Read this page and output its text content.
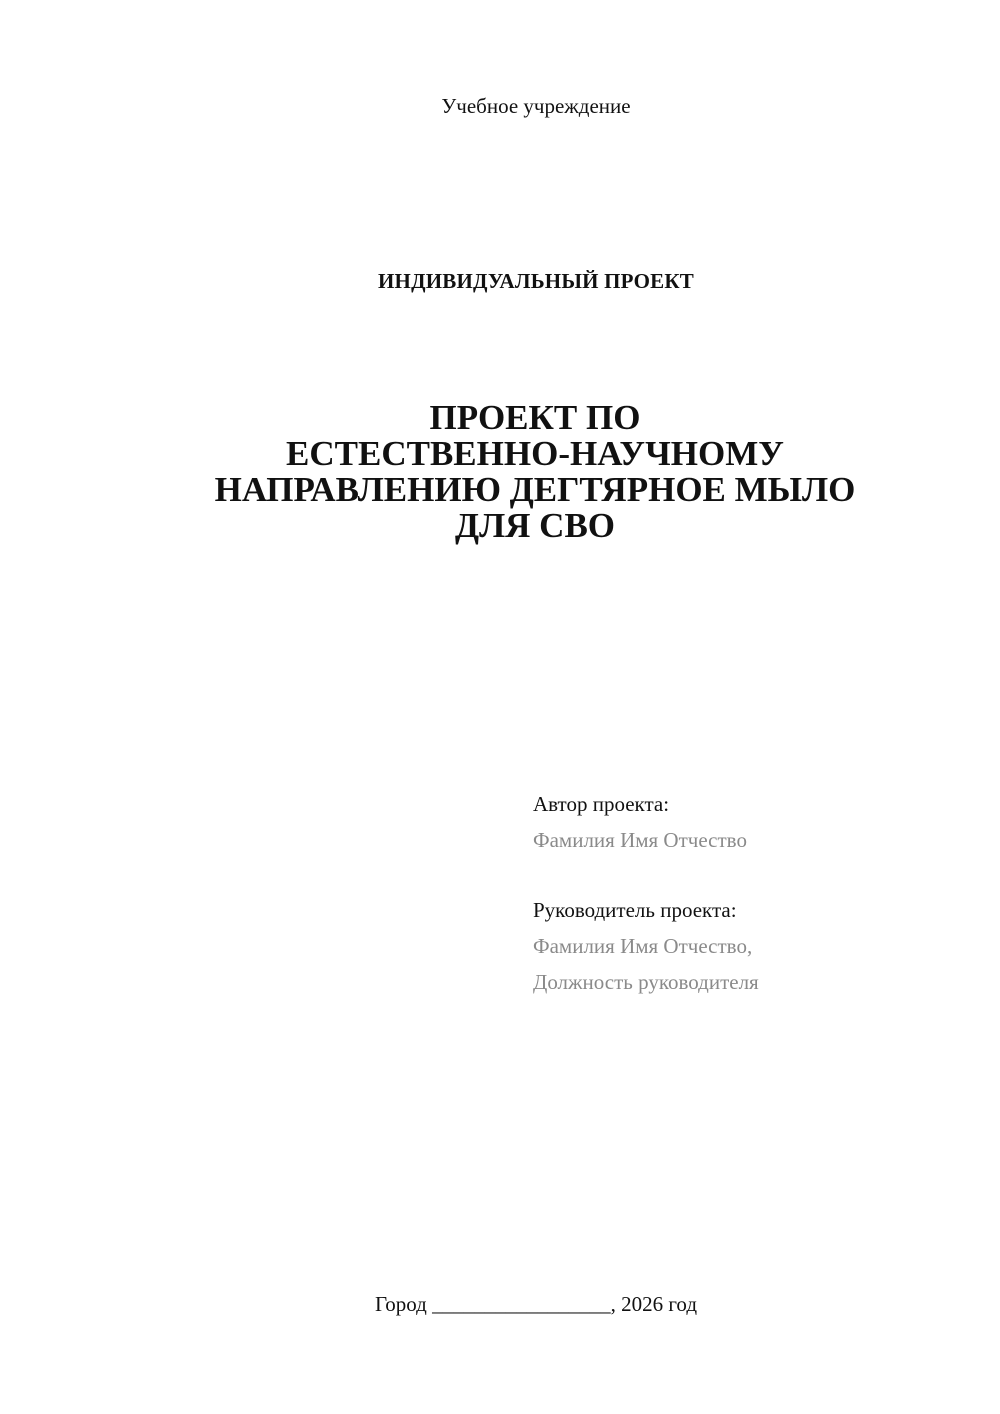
Учебное учреждение
ИНДИВИДУАЛЬНЫЙ ПРОЕКТ
ПРОЕКТ ПО
ЕСТЕСТВЕННО-НАУЧНОМУ
НАПРАВЛЕНИЮ ДЕГТЯРНОЕ МЫЛО
ДЛЯ СВО
Автор проекта:
Фамилия Имя Отчество
Руководитель проекта:
Фамилия Имя Отчество,
Должность руководителя
Город _________________, 2026 год
